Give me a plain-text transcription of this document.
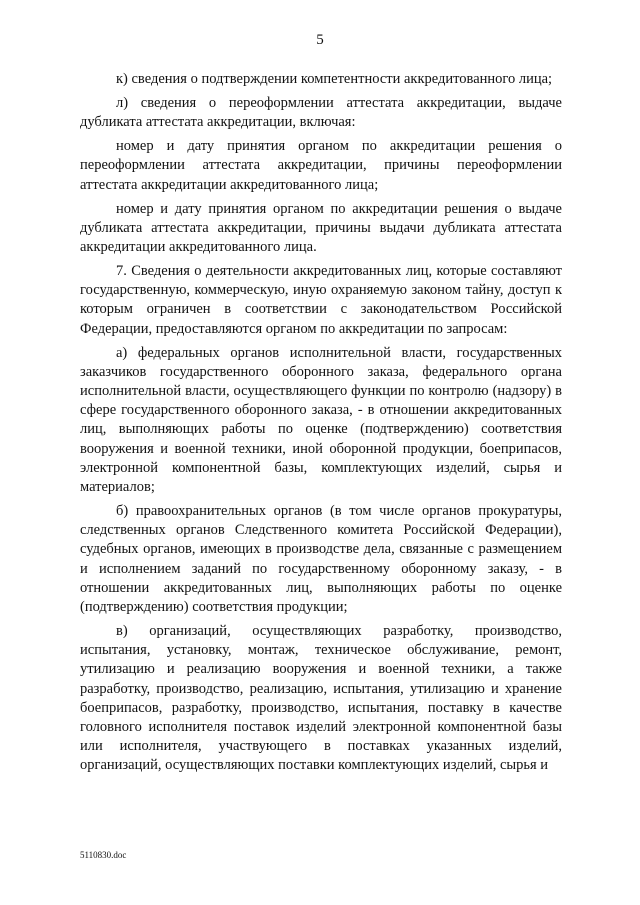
5

к) сведения о подтверждении компетентности аккредитованного лица;

л) сведения о переоформлении аттестата аккредитации, выдаче дубликата аттестата аккредитации, включая:

номер и дату принятия органом по аккредитации решения о переоформлении аттестата аккредитации, причины переоформлении аттестата аккредитации аккредитованного лица;

номер и дату принятия органом по аккредитации решения о выдаче дубликата аттестата аккредитации, причины выдачи дубликата аттестата аккредитации аккредитованного лица.

7. Сведения о деятельности аккредитованных лиц, которые составляют государственную, коммерческую, иную охраняемую законом тайну, доступ к которым ограничен в соответствии с законодательством Российской Федерации, предоставляются органом по аккредитации по запросам:

а) федеральных органов исполнительной власти, государственных заказчиков государственного оборонного заказа, федерального органа исполнительной власти, осуществляющего функции по контролю (надзору) в сфере государственного оборонного заказа, - в отношении аккредитованных лиц, выполняющих работы по оценке (подтверждению) соответствия вооружения и военной техники, иной оборонной продукции, боеприпасов, электронной компонентной базы, комплектующих изделий, сырья и материалов;

б) правоохранительных органов (в том числе органов прокуратуры, следственных органов Следственного комитета Российской Федерации), судебных органов, имеющих в производстве дела, связанные с размещением и исполнением заданий по государственному оборонному заказу, - в отношении аккредитованных лиц, выполняющих работы по оценке (подтверждению) соответствия продукции;

в) организаций, осуществляющих разработку, производство, испытания, установку, монтаж, техническое обслуживание, ремонт, утилизацию и реализацию вооружения и военной техники, а также разработку, производство, реализацию, испытания, утилизацию и хранение боеприпасов, разработку, производство, испытания, поставку в качестве головного исполнителя поставок изделий электронной компонентной базы или исполнителя, участвующего в поставках указанных изделий, организаций, осуществляющих поставки комплектующих изделий, сырья и

5110830.doc
